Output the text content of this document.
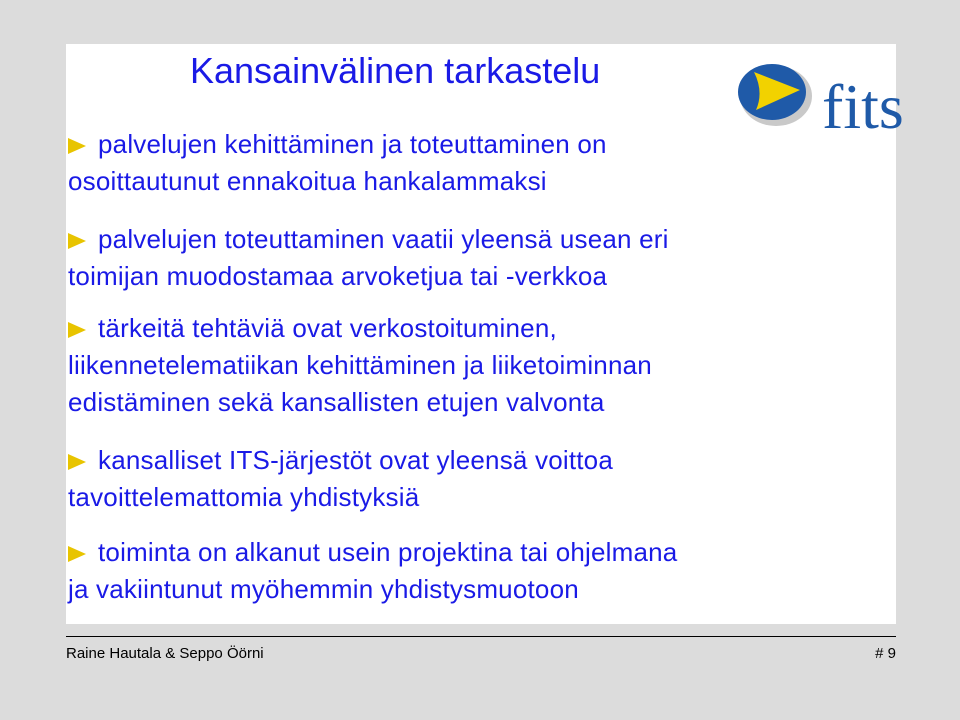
Kansainvälinen tarkastelu
fits
palvelujen kehittäminen ja toteuttaminen on
osoittautunut ennakoitua hankalammaksi
palvelujen toteuttaminen vaatii yleensä usean eri
toimijan muodostamaa arvoketjua tai -verkkoa
tärkeitä tehtäviä ovat verkostoituminen,
liikennetelematiikan kehittäminen ja liiketoiminnan
edistäminen sekä kansallisten etujen valvonta
kansalliset ITS-järjestöt ovat yleensä voittoa
tavoittelemattomia yhdistyksiä
toiminta on alkanut usein projektina tai ohjelmana
ja vakiintunut myöhemmin yhdistysmuotoon
Raine Hautala & Seppo Öörni	# 9
